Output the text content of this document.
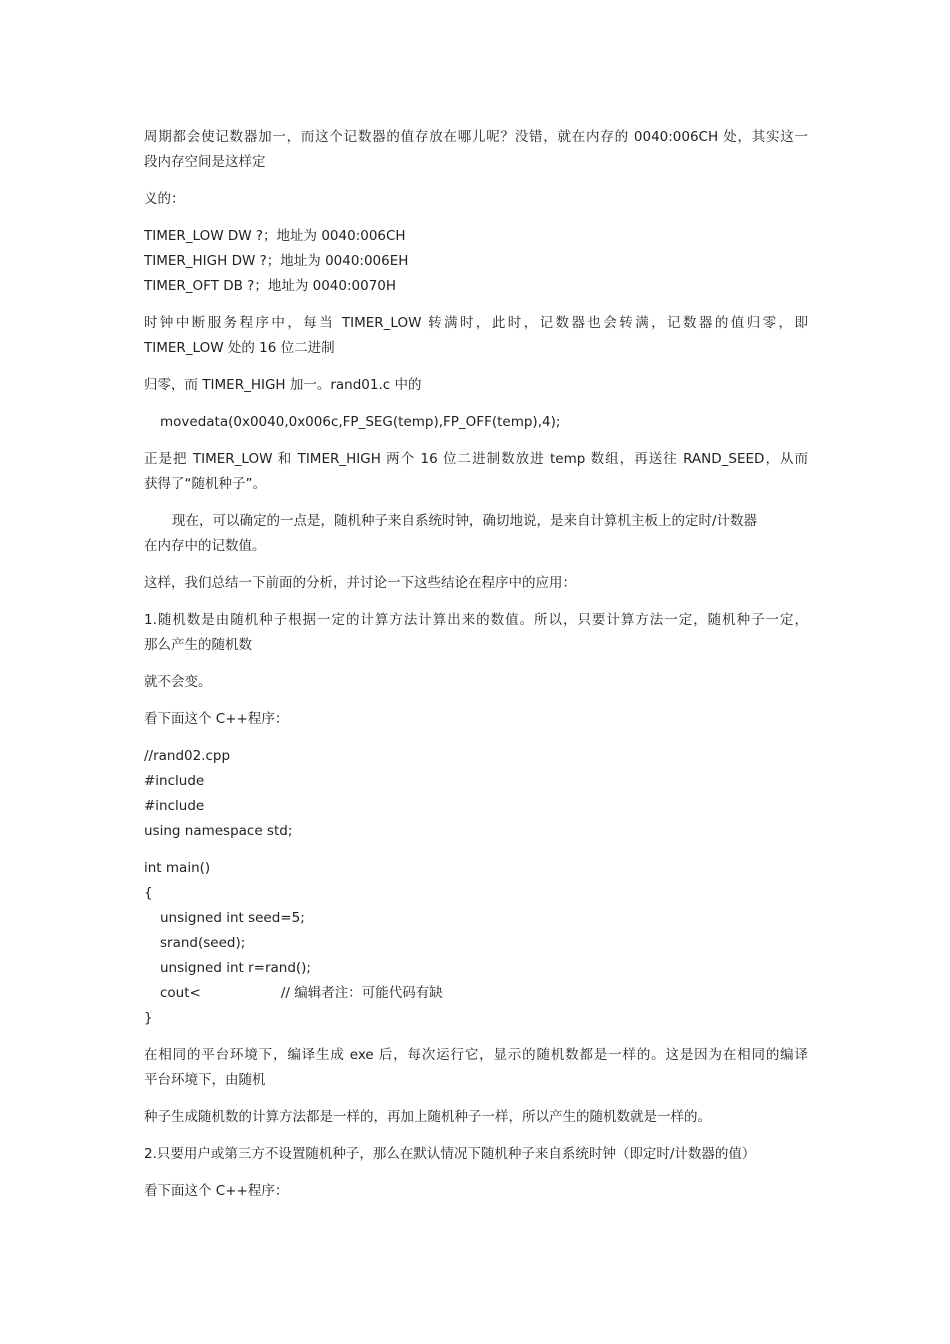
周期都会使记数器加一，而这个记数器的值存放在哪儿呢？没错，就在内存的 0040:006CH 处，其实这一
段内存空间是这样定
义的：
TIMER_LOW DW ?；地址为 0040:006CH
TIMER_HIGH DW ?；地址为 0040:006EH
TIMER_OFT DB ?；地址为 0040:0070H
时钟中断服务程序中，每当 TIMER_LOW 转满时，此时，记数器也会转满，记数器的值归零，即
TIMER_LOW 处的 16 位二进制
归零，而 TIMER_HIGH 加一。rand01.c 中的
movedata(0x0040,0x006c,FP_SEG(temp),FP_OFF(temp),4);
正是把 TIMER_LOW 和 TIMER_HIGH 两个 16 位二进制数放进 temp 数组，再送往 RAND_SEED，从而
获得了“随机种子”。
现在，可以确定的一点是，随机种子来自系统时钟，确切地说，是来自计算机主板上的定时/计数器
在内存中的记数值。
这样，我们总结一下前面的分析，并讨论一下这些结论在程序中的应用：
1.随机数是由随机种子根据一定的计算方法计算出来的数值。所以，只要计算方法一定，随机种子一定，
那么产生的随机数
就不会变。
看下面这个 C++程序：
//rand02.cpp
#include
#include
using namespace std;
int main()
{
unsigned int seed=5;
srand(seed);
unsigned int r=rand();
cout<	// 编辑者注：可能代码有缺
}
在相同的平台环境下，编译生成 exe 后，每次运行它，显示的随机数都是一样的。这是因为在相同的编译
平台环境下，由随机
种子生成随机数的计算方法都是一样的，再加上随机种子一样，所以产生的随机数就是一样的。
2.只要用户或第三方不设置随机种子，那么在默认情况下随机种子来自系统时钟（即定时/计数器的值）
看下面这个 C++程序：
